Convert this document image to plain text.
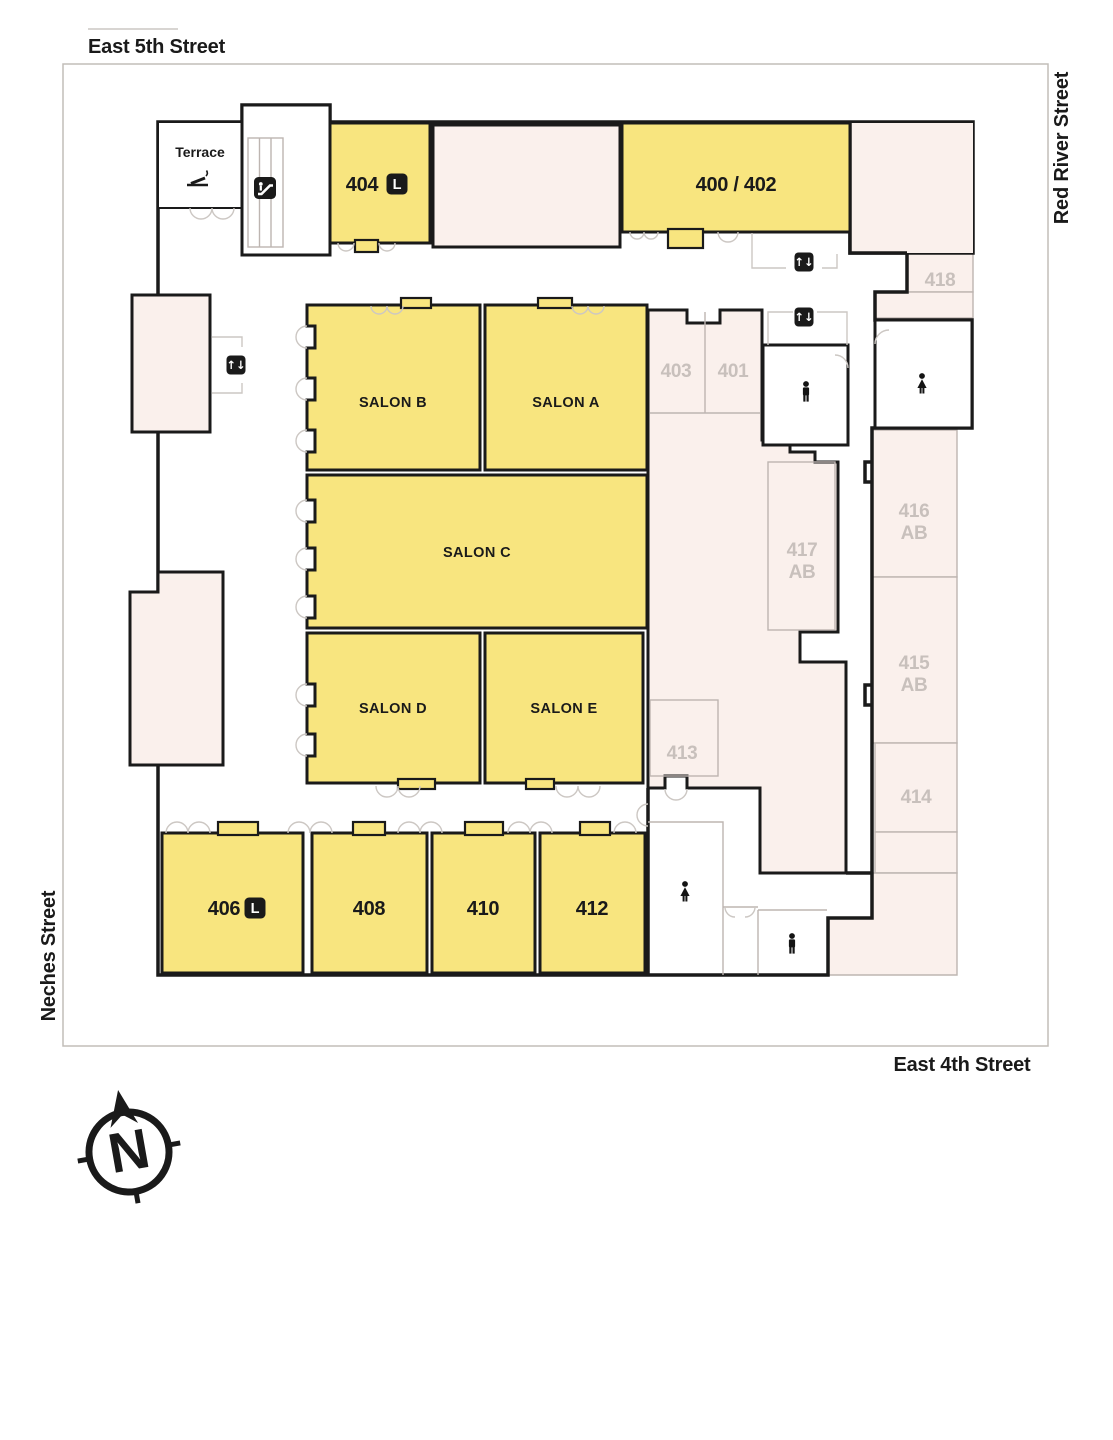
↑↓
↑↓
↑↓
Terrace
404 L	400 / 402
SALON B	SALON A
SALON C
SALON D	SALON E
403 401
417
AB
416
AB
415
AB
414
418
413
406 L	408	410	412
East 5th Street
Red River Street
Neches Street
East 4th Street
N
